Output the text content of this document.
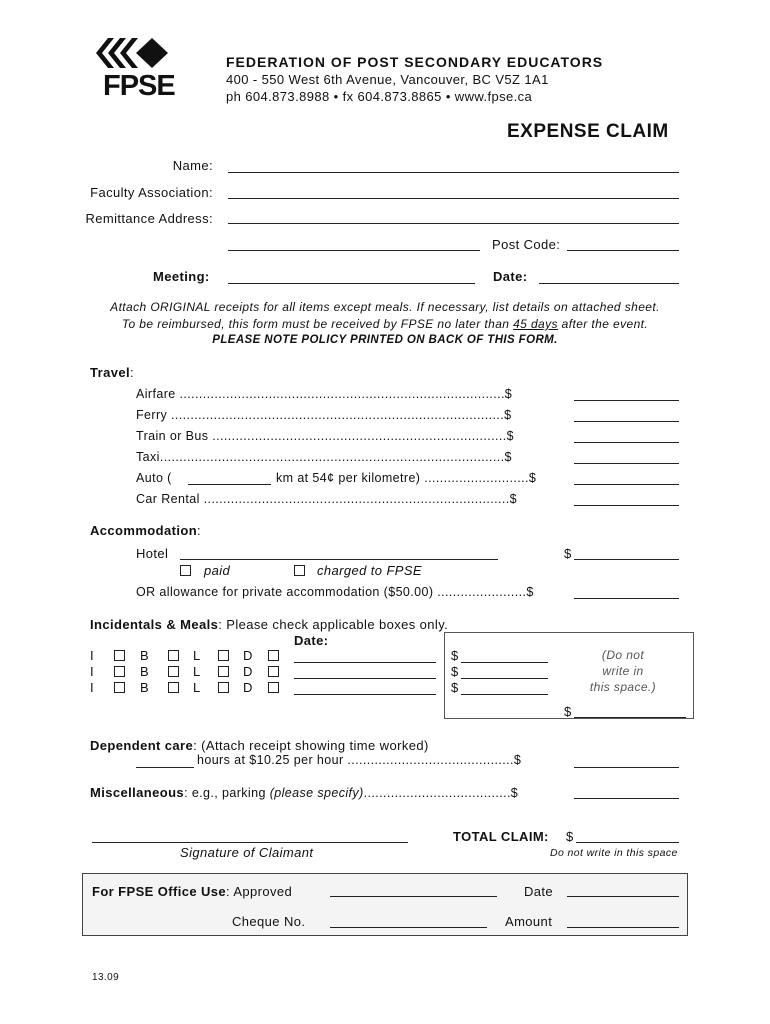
FPSE
FEDERATION OF POST SECONDARY EDUCATORS
400 - 550 West 6th Avenue, Vancouver, BC V5Z 1A1
ph 604.873.8988 • fx 604.873.8865 • www.fpse.ca
EXPENSE CLAIM
Name:
Faculty Association:
Remittance Address:
Post Code:
Meeting:	Date:
Attach ORIGINAL receipts for all items except meals. If necessary, list details on attached sheet.
To be reimbursed, this form must be received by FPSE no later than 45 days after the event.
PLEASE NOTE POLICY PRINTED ON BACK OF THIS FORM.
Travel:
Airfare ....................................................................................$
Ferry ......................................................................................$
Train or Bus ............................................................................$
Taxi.........................................................................................$
Auto (	km at 54¢ per kilometre) ...........................$
Car Rental ...............................................................................$
Accommodation:
Hotel	$
paid	charged to FPSE
OR allowance for private accommodation ($50.00) .......................$
Incidentals & Meals: Please check applicable boxes only.
Date:
I	B	L	D	$
I	B	L	D	$
I	B	L	D	$
(Do not
write in
this space.)
$
Dependent care: (Attach receipt showing time worked)
hours at $10.25 per hour ...........................................$
Miscellaneous: e.g., parking (please specify)......................................$
Signature of Claimant
TOTAL CLAIM: $
Do not write in this space
For FPSE Office Use: Approved	Date
Cheque No.	Amount
13.09
